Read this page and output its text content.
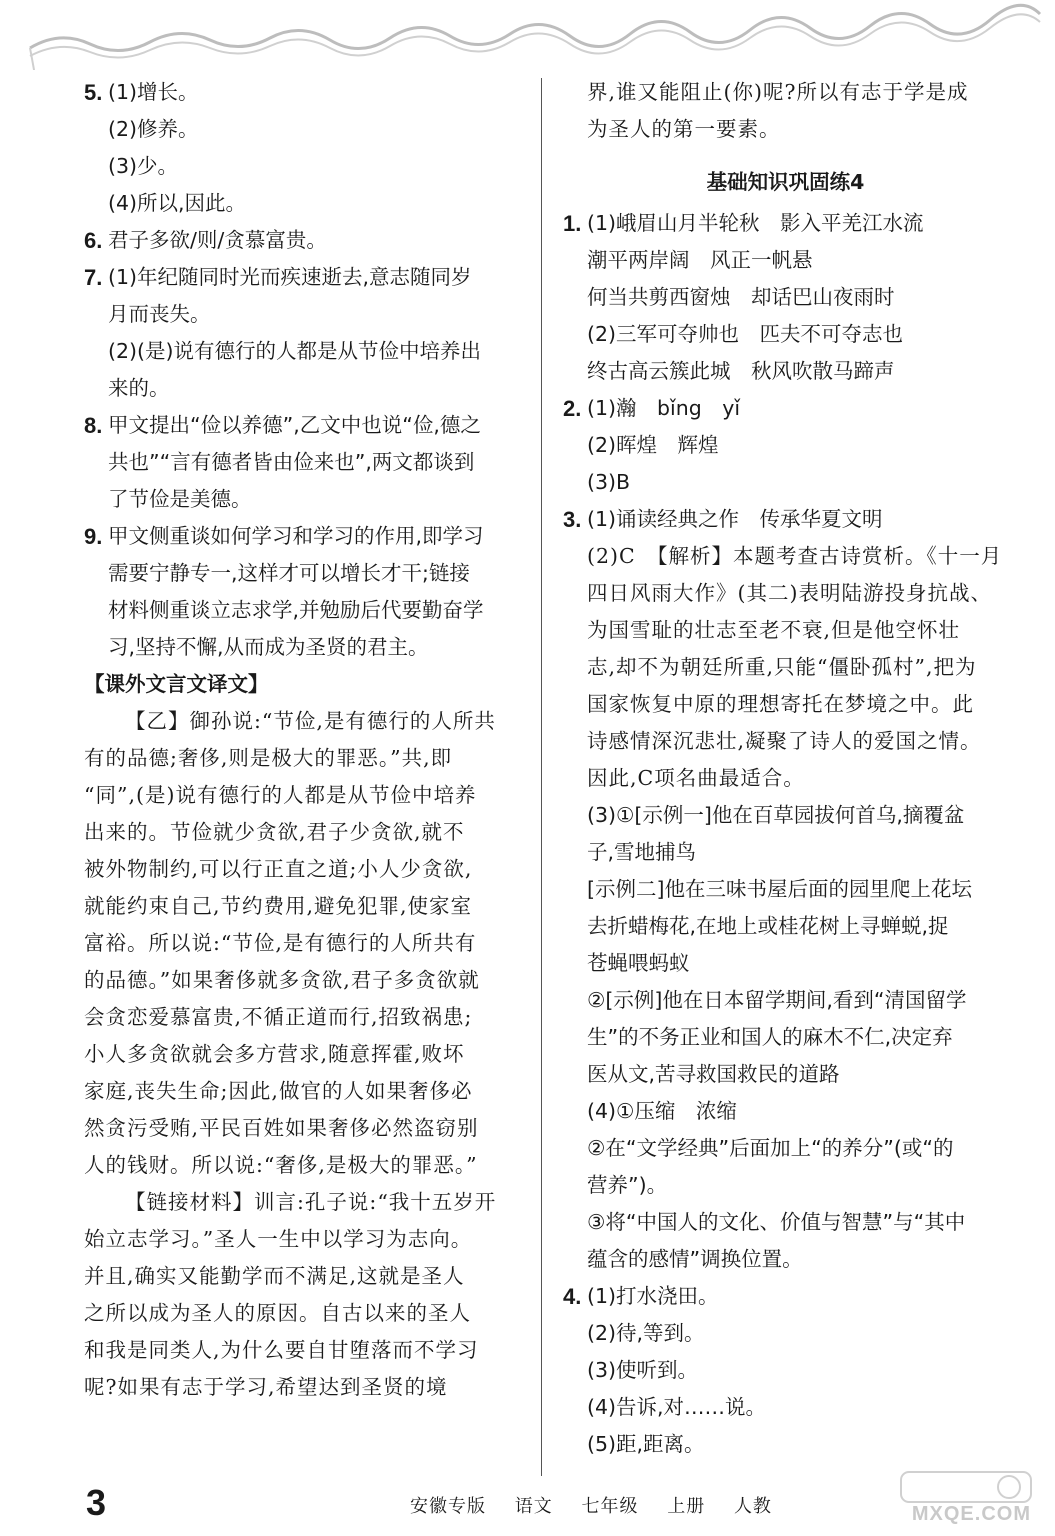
5. (1)增长。
(2)修养。
(3)少。
(4)所以,因此。
6. 君子多欲/则/贪慕富贵。
7. (1)年纪随同时光而疾速逝去,意志随同岁
月而丧失。
(2)(是)说有德行的人都是从节俭中培养出
来的。
8. 甲文提出“俭以养德”,乙文中也说“俭,德之
共也”“言有德者皆由俭来也”,两文都谈到
了节俭是美德。
9. 甲文侧重谈如何学习和学习的作用,即学习
需要宁静专一,这样才可以增长才干;链接
材料侧重谈立志求学,并勉励后代要勤奋学
习,坚持不懈,从而成为圣贤的君主。
【课外文言文译文】
【乙】御孙说:“节俭,是有德行的人所共
有的品德;奢侈,则是极大的罪恶。”共,即
“同”,(是)说有德行的人都是从节俭中培养
出来的。节俭就少贪欲,君子少贪欲,就不
被外物制约,可以行正直之道;小人少贪欲,
就能约束自己,节约费用,避免犯罪,使家室
富裕。所以说:“节俭,是有德行的人所共有
的品德。”如果奢侈就多贪欲,君子多贪欲就
会贪恋爱慕富贵,不循正道而行,招致祸患;
小人多贪欲就会多方营求,随意挥霍,败坏
家庭,丧失生命;因此,做官的人如果奢侈必
然贪污受贿,平民百姓如果奢侈必然盗窃别
人的钱财。所以说:“奢侈,是极大的罪恶。”
【链接材料】训言:孔子说:“我十五岁开
始立志学习。”圣人一生中以学习为志向。
并且,确实又能勤学而不满足,这就是圣人
之所以成为圣人的原因。自古以来的圣人
和我是同类人,为什么要自甘堕落而不学习
呢?如果有志于学习,希望达到圣贤的境
界,谁又能阻止(你)呢?所以有志于学是成
为圣人的第一要素。
基础知识巩固练4
1. (1)峨眉山月半轮秋　影入平羌江水流
潮平两岸阔　风正一帆悬
何当共剪西窗烛　却话巴山夜雨时
(2)三军可夺帅也　匹夫不可夺志也
终古高云簇此城　秋风吹散马蹄声
2. (1)瀚　bǐng　yǐ
(2)晖煌　辉煌
(3)B
3. (1)诵读经典之作　传承华夏文明
(2)C　【解析】本题考查古诗赏析。《十一月
四日风雨大作》(其二)表明陆游投身抗战、
为国雪耻的壮志至老不衰,但是他空怀壮
志,却不为朝廷所重,只能“僵卧孤村”,把为
国家恢复中原的理想寄托在梦境之中。此
诗感情深沉悲壮,凝聚了诗人的爱国之情。
因此,C项名曲最适合。
(3)①[示例一]他在百草园拔何首乌,摘覆盆
子,雪地捕鸟
[示例二]他在三味书屋后面的园里爬上花坛
去折蜡梅花,在地上或桂花树上寻蝉蜕,捉
苍蝇喂蚂蚁
②[示例]他在日本留学期间,看到“清国留学
生”的不务正业和国人的麻木不仁,决定弃
医从文,苦寻救国救民的道路
(4)①压缩　浓缩
②在“文学经典”后面加上“的养分”(或“的
营养”)。
③将“中国人的文化、价值与智慧”与“其中
蕴含的感情”调换位置。
4. (1)打水浇田。
(2)待,等到。
(3)使听到。
(4)告诉,对……说。
(5)距,距离。
3	安徽专版 语文 七年级 上册 人教	MXQE.COM
